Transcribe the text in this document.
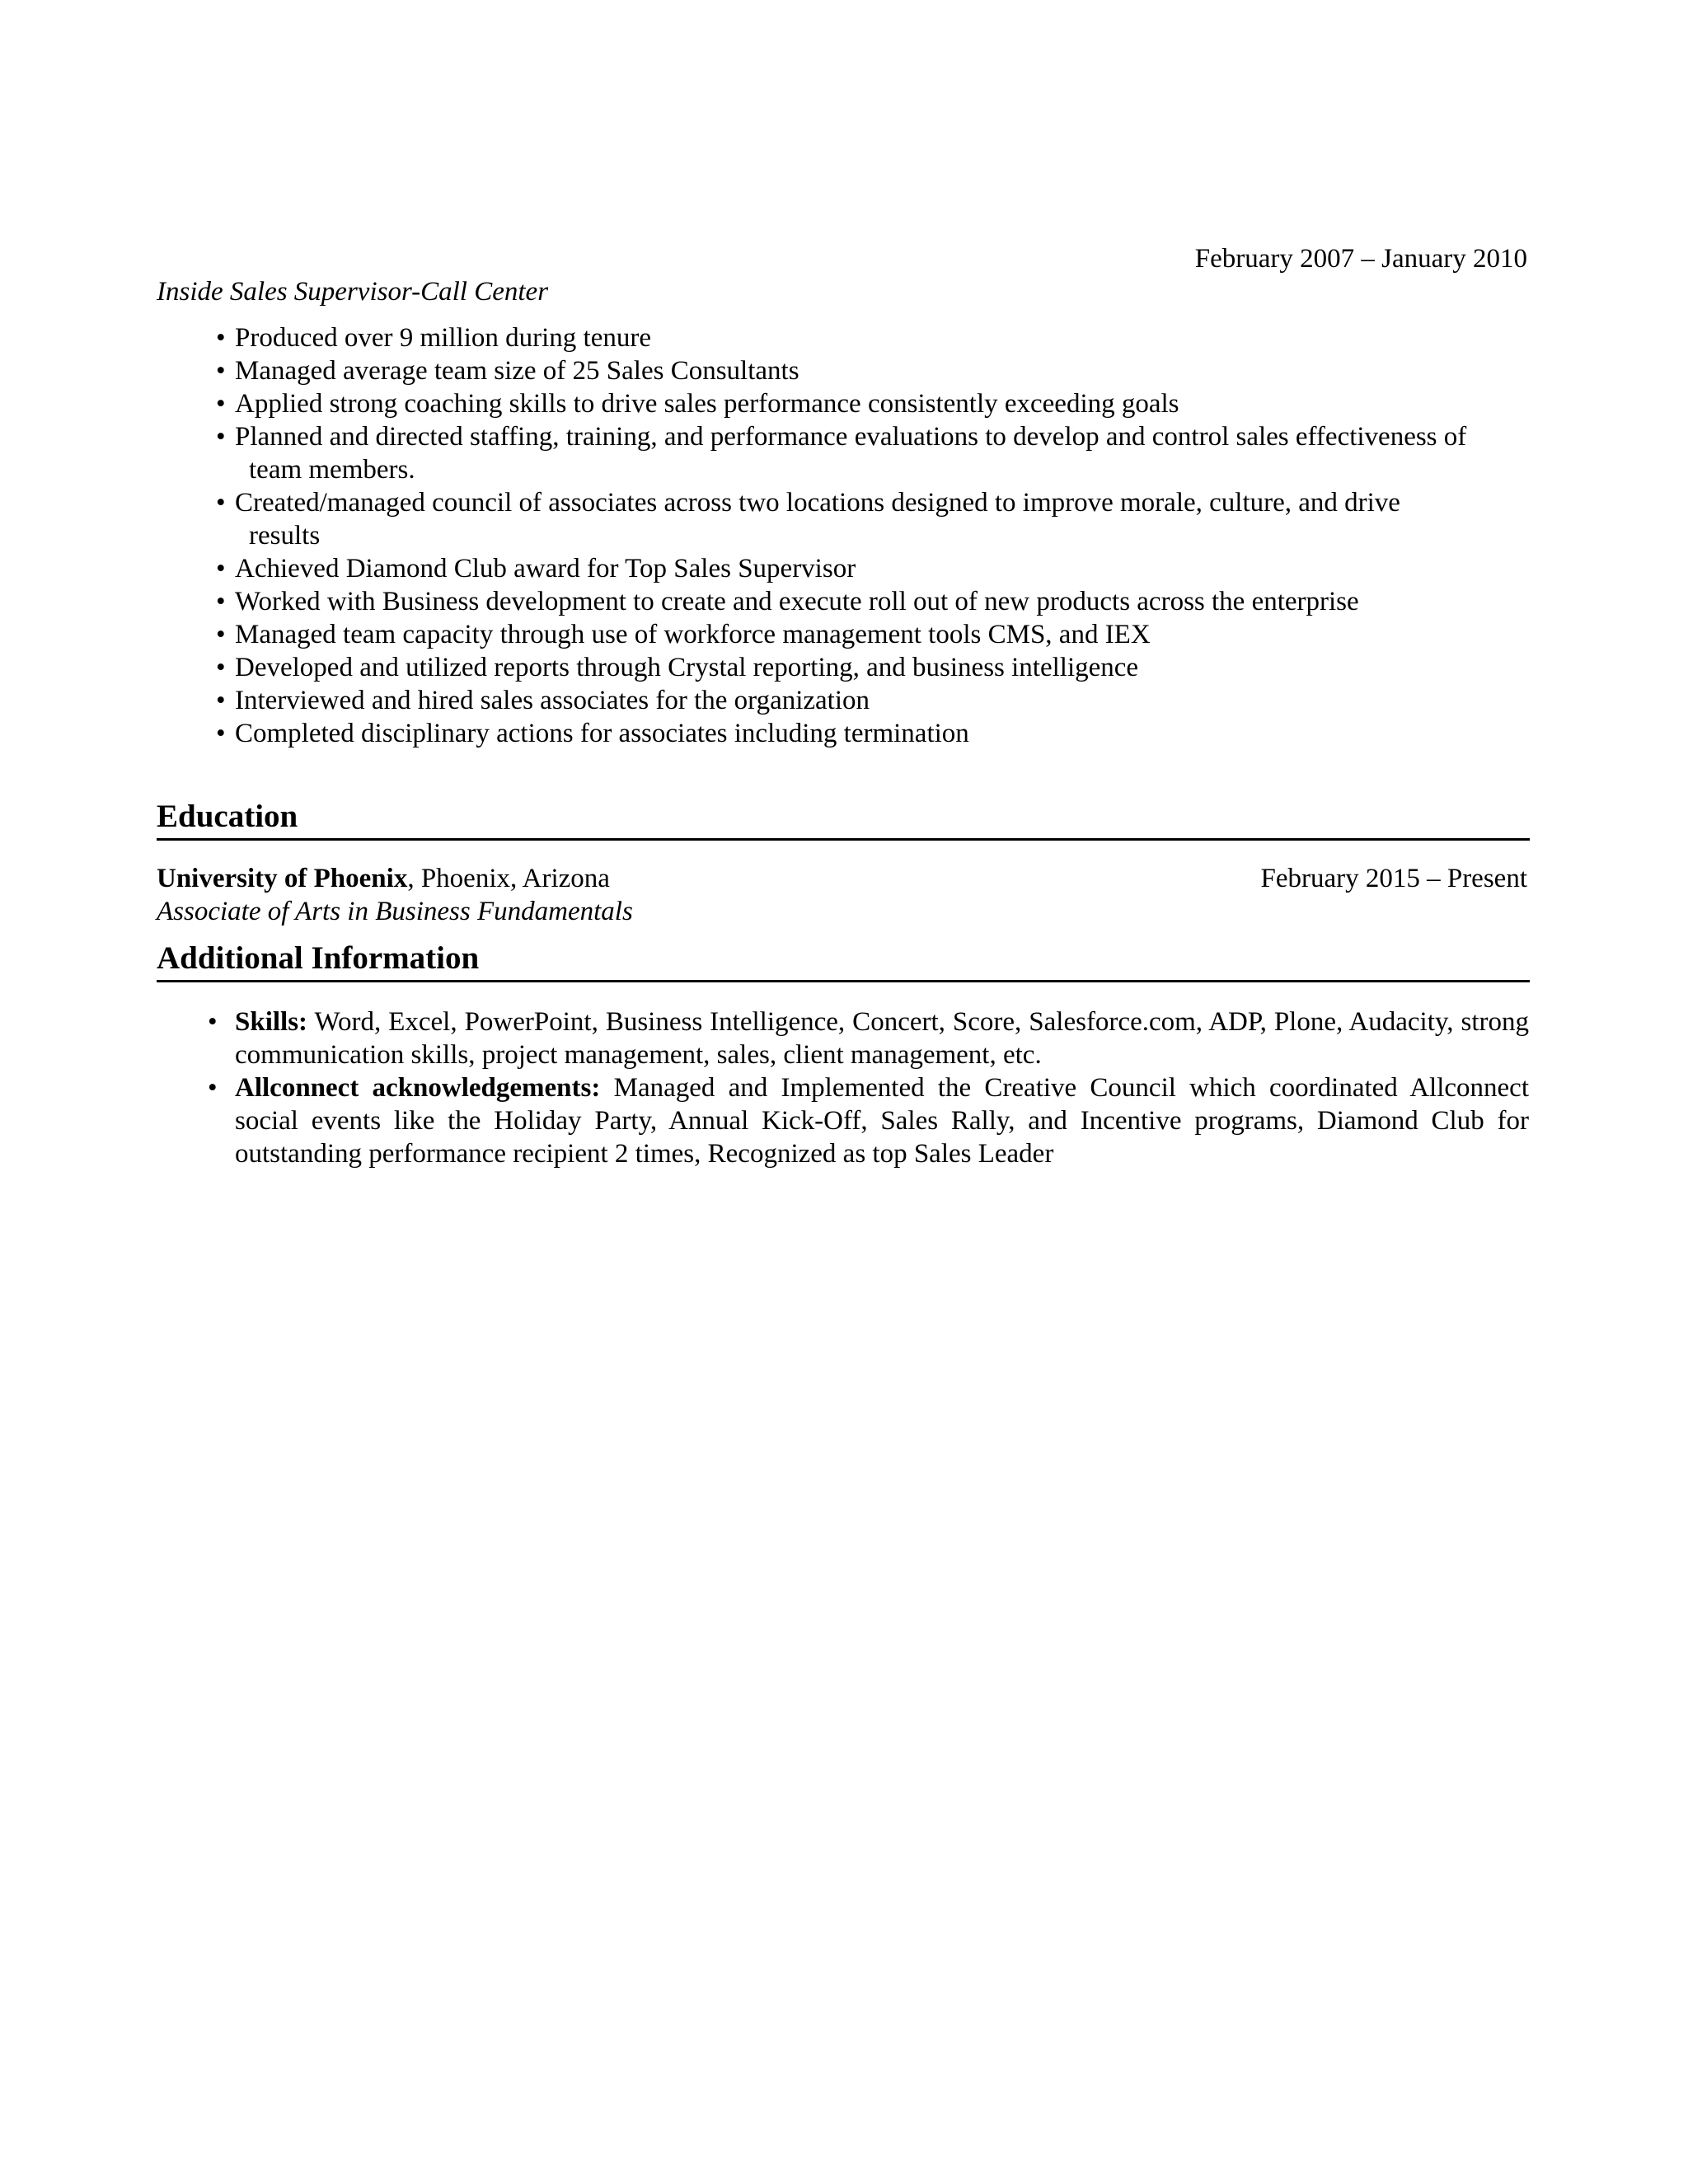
February 2007 – January 2010
Inside Sales Supervisor-Call Center
• Produced over 9 million during tenure
• Managed average team size of 25 Sales Consultants
• Applied strong coaching skills to drive sales performance consistently exceeding goals
• Planned and directed staffing, training, and performance evaluations to develop and control sales effectiveness of
team members.
• Created/managed council of associates across two locations designed to improve morale, culture, and drive
results
• Achieved Diamond Club award for Top Sales Supervisor
• Worked with Business development to create and execute roll out of new products across the enterprise
• Managed team capacity through use of workforce management tools CMS, and IEX
• Developed and utilized reports through Crystal reporting, and business intelligence
• Interviewed and hired sales associates for the organization
• Completed disciplinary actions for associates including termination
Education
University of Phoenix, Phoenix, Arizona	February 2015 – Present
Associate of Arts in Business Fundamentals
Additional Information
• Skills: Word, Excel, PowerPoint, Business Intelligence, Concert, Score, Salesforce.com, ADP, Plone, Audacity, strong communication skills, project management, sales, client management, etc.
• Allconnect acknowledgements: Managed and Implemented the Creative Council which coordinated Allconnect social events like the Holiday Party, Annual Kick-Off, Sales Rally, and Incentive programs, Diamond Club for outstanding performance recipient 2 times, Recognized as top Sales Leader
